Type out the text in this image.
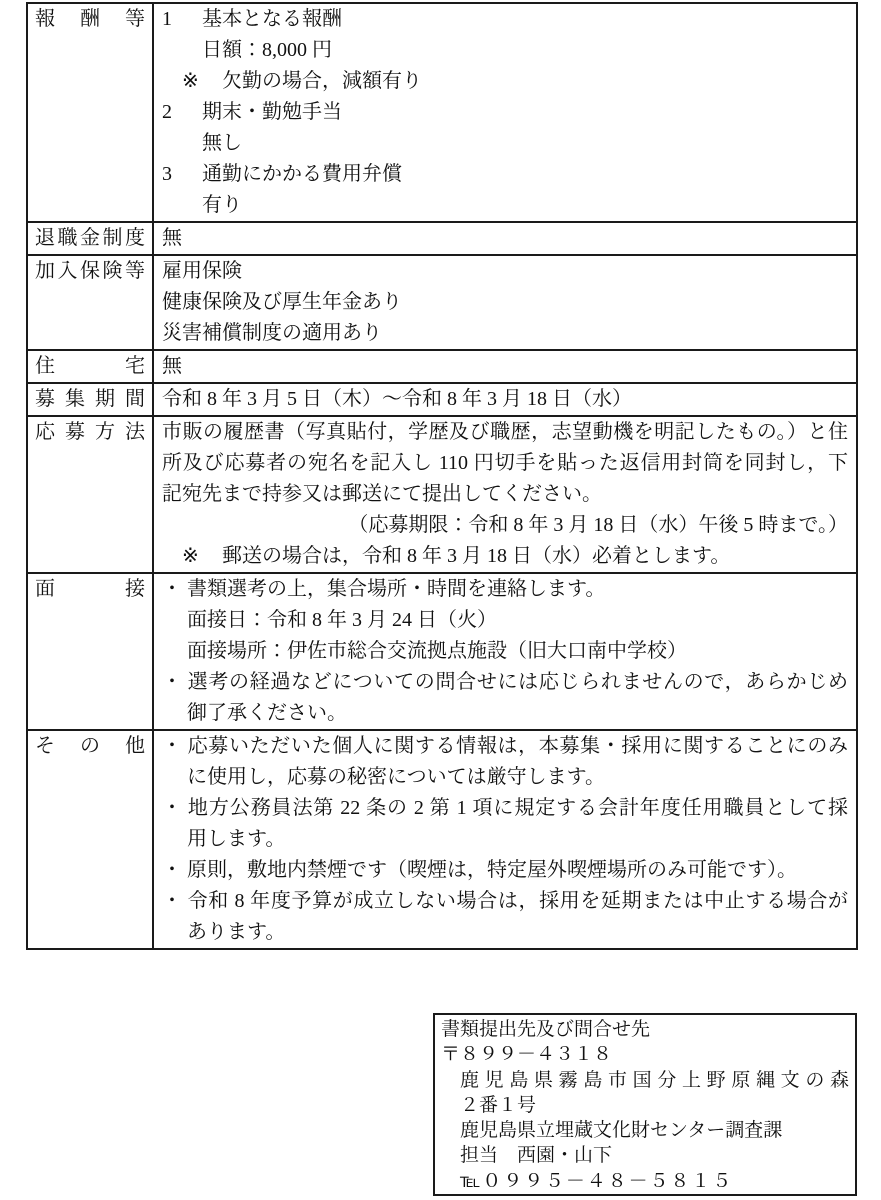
報酬等	1 基本となる報酬
日額：8,000 円
※ 欠勤の場合，減額有り
2 期末・勤勉手当
無し
3 通勤にかかる費用弁償
有り

退職金制度	無

加入保険等	雇用保険
健康保険及び厚生年金あり
災害補償制度の適用あり

住宅	無

募集期間	令和 8 年 3 月 5 日（木）～令和 8 年 3 月 18 日（水）

応募方法	市販の履歴書（写真貼付，学歴及び職歴，志望動機を明記したもの。）と住
所及び応募者の宛名を記入し 110 円切手を貼った返信用封筒を同封し，下
記宛先まで持参又は郵送にて提出してください。
（応募期限：令和 8 年 3 月 18 日（水）午後 5 時まで。）
※ 郵送の場合は，令和 8 年 3 月 18 日（水）必着とします。

面接	・ 書類選考の上，集合場所・時間を連絡します。
面接日：令和 8 年 3 月 24 日（火）
面接場所：伊佐市総合交流拠点施設（旧大口南中学校）
・ 選考の経過などについての問合せには応じられませんので，あらかじめ
御了承ください。

その他	・ 応募いただいた個人に関する情報は，本募集・採用に関することにのみ
に使用し，応募の秘密については厳守します。
・ 地方公務員法第 22 条の 2 第 1 項に規定する会計年度任用職員として採
用します。
・ 原則，敷地内禁煙です（喫煙は，特定屋外喫煙場所のみ可能です）。
・ 令和 8 年度予算が成立しない場合は，採用を延期または中止する場合が
あります。
書類提出先及び問合せ先
〒８９９－４３１８
鹿児島県霧島市国分上野原縄文の森
２番１号
鹿児島県立埋蔵文化財センター調査課
担当　西園・山下
℡０９９５－４８－５８１５
